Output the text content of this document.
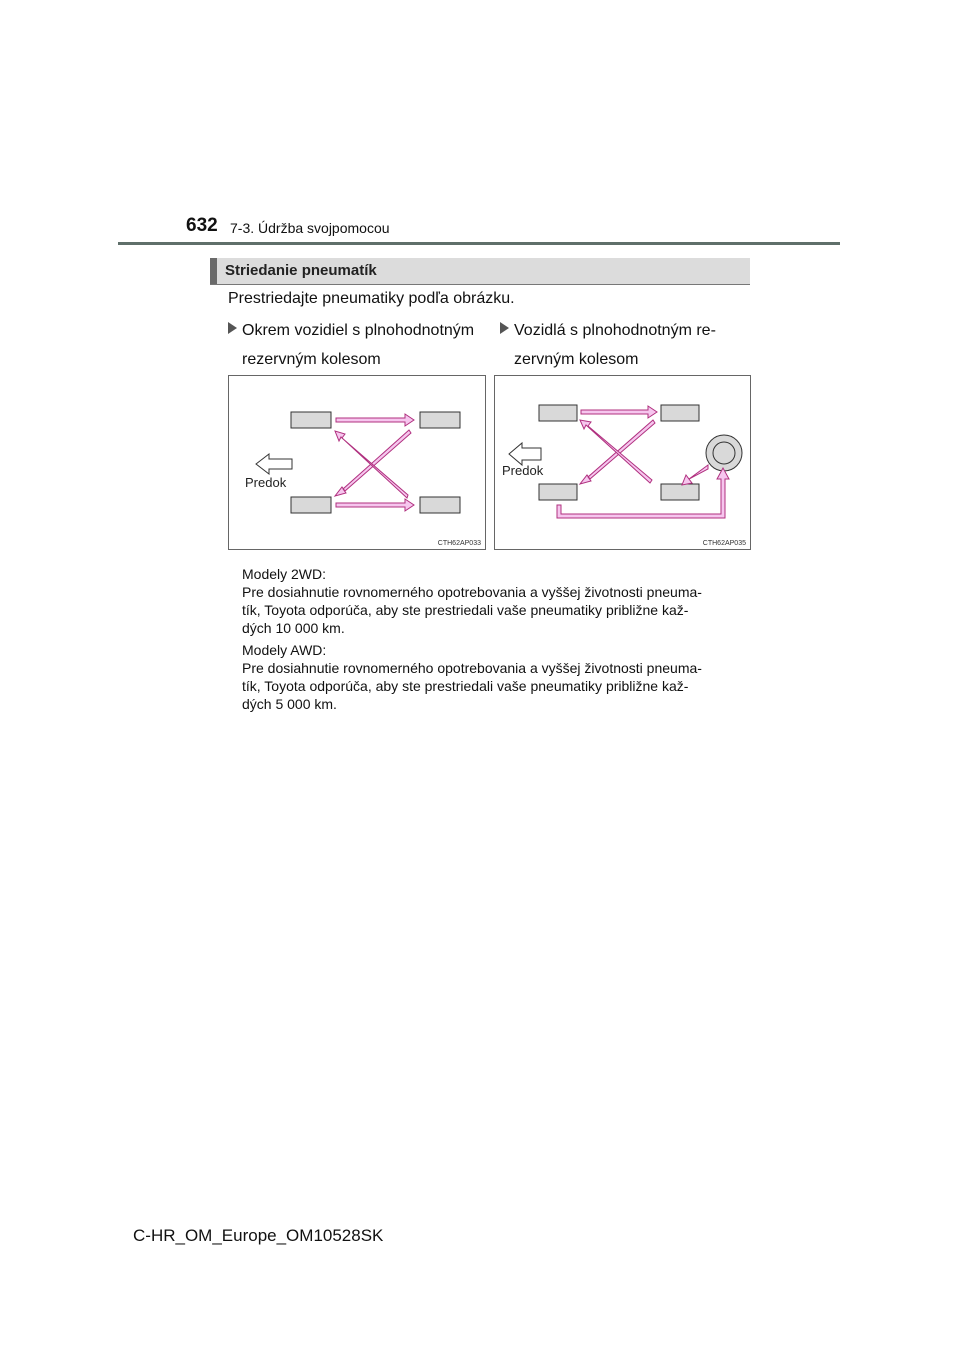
632 7-3. Údržba svojpomocou
Striedanie pneumatík
Prestriedajte pneumatiky podľa obrázku.
Okrem vozidiel s plnohodnotným
rezervným kolesom
Vozidlá s plnohodnotným re-
zervným kolesom
Predok
CTH62AP033
Predok
CTH62AP035
Modely 2WD:
Pre dosiahnutie rovnomerného opotrebovania a vyššej životnosti pneuma-
tík, Toyota odporúča, aby ste prestriedali vaše pneumatiky približne kaž-
dých 10 000 km.
Modely AWD:
Pre dosiahnutie rovnomerného opotrebovania a vyššej životnosti pneuma-
tík, Toyota odporúča, aby ste prestriedali vaše pneumatiky približne kaž-
dých 5 000 km.
C-HR_OM_Europe_OM10528SK
